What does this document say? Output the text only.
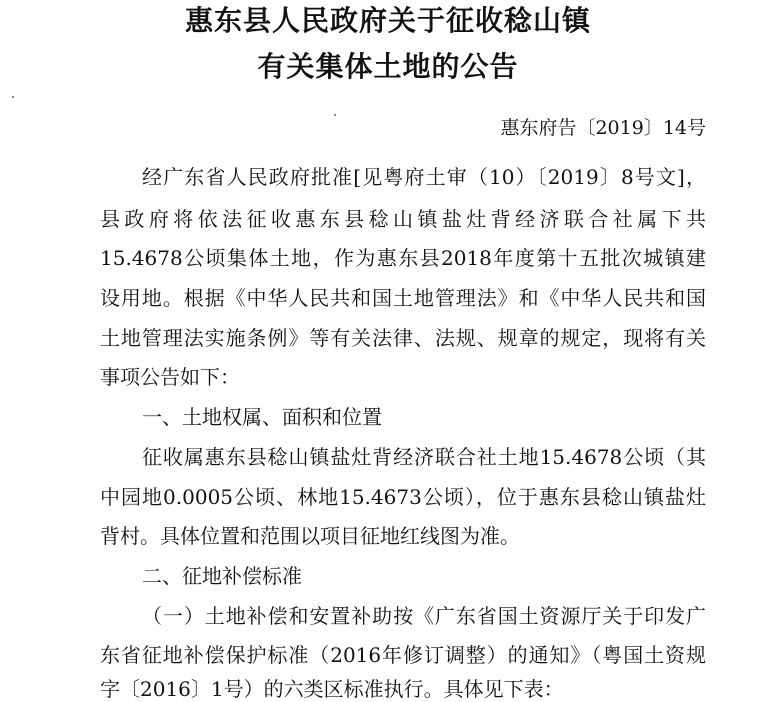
惠东县人民政府关于征收稔山镇
有关集体土地的公告
惠东府告〔2019〕14号
经广东省人民政府批准[见粤府土审（10）〔2019〕8号文]，
县政府将依法征收惠东县稔山镇盐灶背经济联合社属下共
15.4678公顷集体土地，作为惠东县2018年度第十五批次城镇建
设用地。根据《中华人民共和国土地管理法》和《中华人民共和国
土地管理法实施条例》等有关法律、法规、规章的规定，现将有关
事项公告如下：
一、土地权属、面积和位置
征收属惠东县稔山镇盐灶背经济联合社土地15.4678公顷（其
中园地0.0005公顷、林地15.4673公顷），位于惠东县稔山镇盐灶
背村。具体位置和范围以项目征地红线图为准。
二、征地补偿标准
（一）土地补偿和安置补助按《广东省国土资源厅关于印发广
东省征地补偿保护标准（2016年修订调整）的通知》（粤国土资规
字〔2016〕1号）的六类区标准执行。具体见下表：
